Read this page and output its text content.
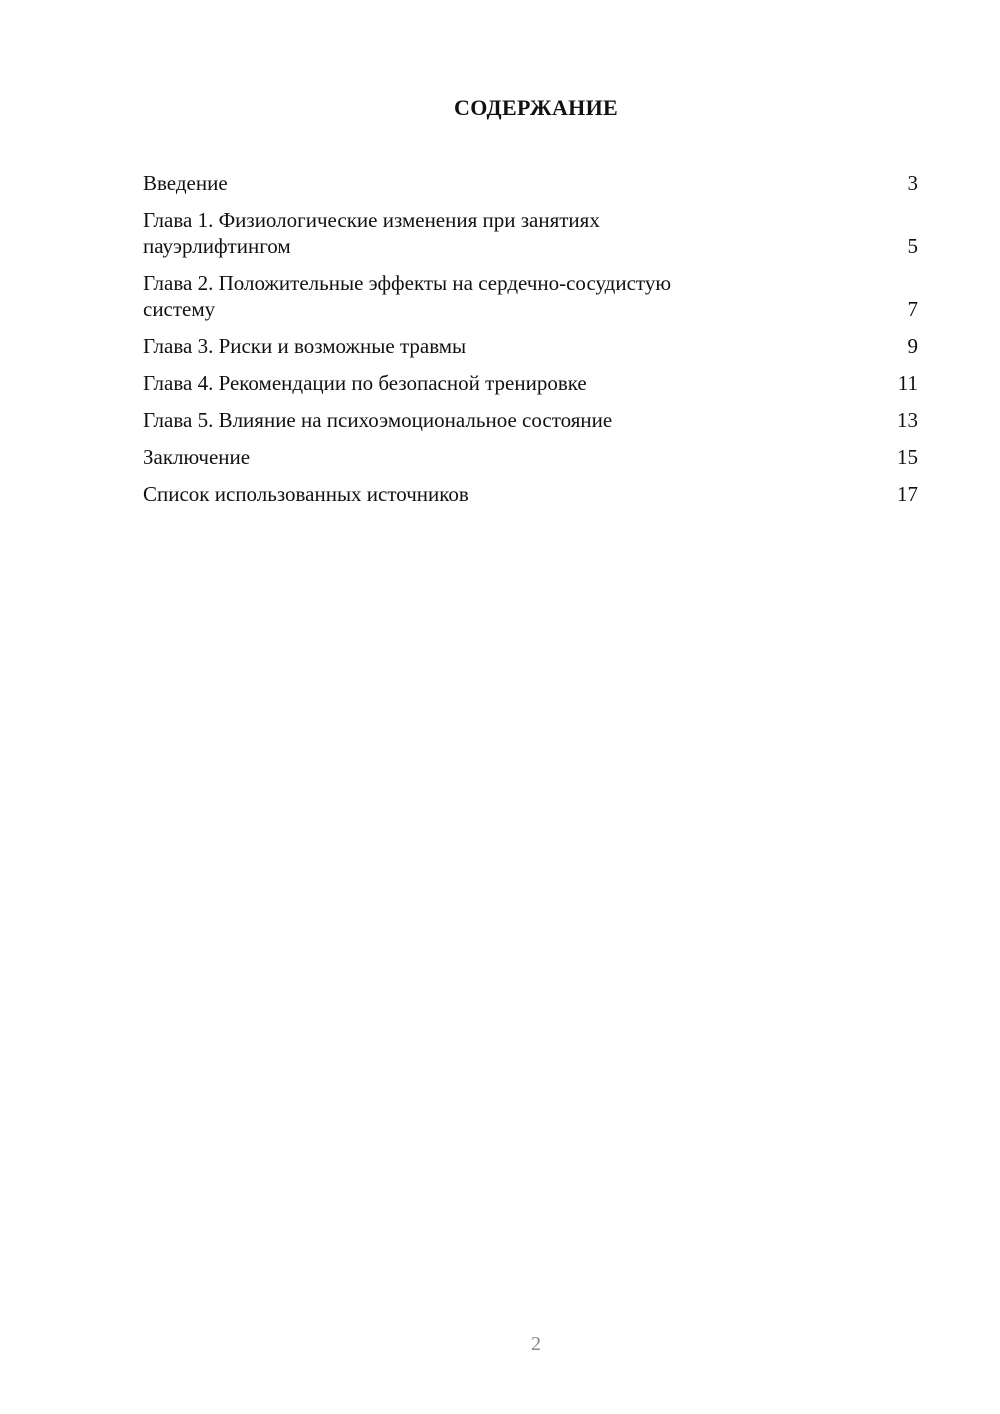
СОДЕРЖАНИЕ
Введение	3
Глава 1. Физиологические изменения при занятиях
пауэрлифтингом	5
Глава 2. Положительные эффекты на сердечно-сосудистую
систему	7
Глава 3. Риски и возможные травмы	9
Глава 4. Рекомендации по безопасной тренировке	11
Глава 5. Влияние на психоэмоциональное состояние	13
Заключение	15
Список использованных источников	17
2
